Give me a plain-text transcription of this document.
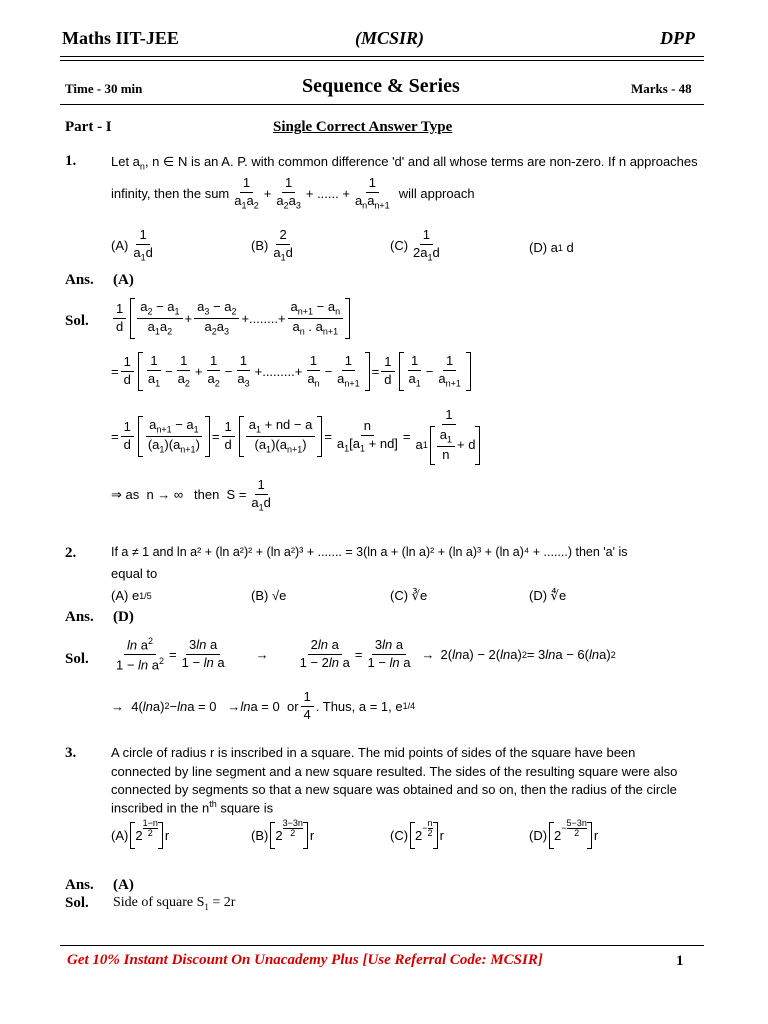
Maths IIT-JEE	(MCSIR)	DPP
Time - 30 min	Sequence & Series	Marks - 48
Part - I	Single Correct Answer Type
1.	Let $a_n$, n ∈ N is an A. P. with common difference 'd' and all whose terms are non-zero. If n approaches
infinity, then the sum
1
$a_1a_2$
+
1
$a_2a_3$
+ ...... +
1
$a_na_{n+1}$
will approach
(A)
1
$a_1d$	(B)
2
$a_1d$	(C)
1
$2a_1d$	(D) a 1 d
Ans. (A)
Sol.
1
d
$a_2 - a_1$
$a_1a_2$
+
$a_3 - a_2$
$a_2a_3$
+........+
$a_{n+1} - a_n$
$a_n$ . $a_{n+1}$
=
1
d
1
$a_1$
−
1
$a_2$
+
1
$a_2$
−
1
$a_3$
+.........+
1
$a_n$
−
1
$a_{n+1}$
=
1
d
1
$a_1$
−
1
$a_{n+1}$
=
1
d
$a_{n+1} - a_1$
$(a_1)(a_{n+1})$
=
1
d
$a_1$ + nd − a
$(a_1)(a_{n+1})$
=
n
$a_1[a_1 + nd]$ =
1
a 1
$a_1$
n
+ d
⇒ as  n → ∞   then  S =
1
$a_1d$
2.	If a ≠ 1 and ln a² + (ln a²)² + (ln a²)³ + ....... = 3(ln a + (ln a)² + (ln a)³ + (ln a)⁴ + .......) then 'a' is
equal to
(A) e 1/5	(B) √e	(C) ∛e	(D) ∜e
Ans. (D)
Sol.
$\ln a^2$
$1 - \ln a^2$ =
3ln a
1 − ln a
→
2ln a
1 − 2ln a
=
3ln a
1 − ln a
→ 2( ln a) − 2( ln a) 2 = 3 ln a − 6( ln a) 2
→  4( ln a) 2 − ln a = 0   → ln a = 0  or
1
4
. Thus, a = 1, e 1/4
3.	A circle of radius r is inscribed in a square. The mid points of sides of the square have been
connected by line segment and a new square resulted. The sides of the resulting square were also
connected by segments so that a new square was obtained and so on, then the radius of the circle
inscribed in the $n^{th}$ square is
(A) 2
1−n
2 r	(B) 2
3−3n
2 r	(C) 2 − n
2 r	(D) 2 − 5−3n
2 r
Ans. (A)
Sol. Side of square $S_1 = 2r$
Get 10% Instant Discount On Unacademy Plus [Use Referral Code: MCSIR]	1
